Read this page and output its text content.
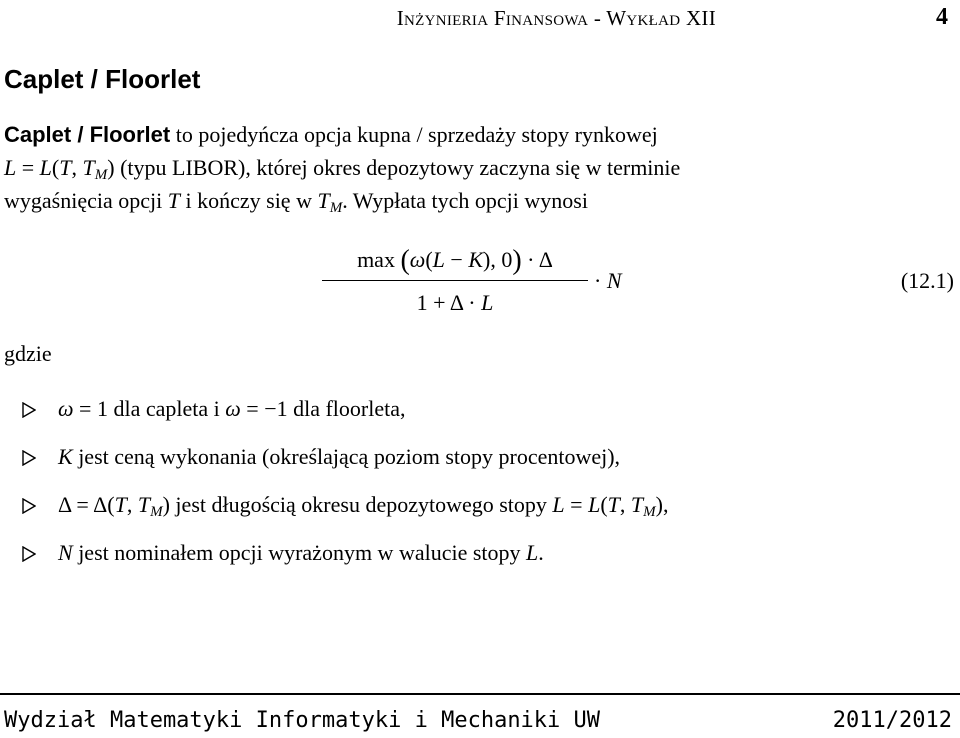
Inżynieria Finansowa - Wykład XII	4
Caplet / Floorlet
Caplet / Floorlet to pojedyńcza opcja kupna / sprzedaży stopy rynkowej
L = L(T, $T_M$) (typu LIBOR), której okres depozytowy zaczyna się w terminie
wygaśnięcia opcji T i kończy się w $T_M$. Wypłata tych opcji wynosi
max (ω(L − K), 0) · Δ
1 + Δ · L
· N	(12.1)
gdzie
ω = 1 dla capleta i ω = −1 dla floorleta,
K jest ceną wykonania (określającą poziom stopy procentowej),
Δ = Δ(T, $T_M$) jest długością okresu depozytowego stopy L = L(T, $T_M$),
N jest nominałem opcji wyrażonym w walucie stopy L.
Wydział Matematyki Informatyki i Mechaniki UW	2011/2012
